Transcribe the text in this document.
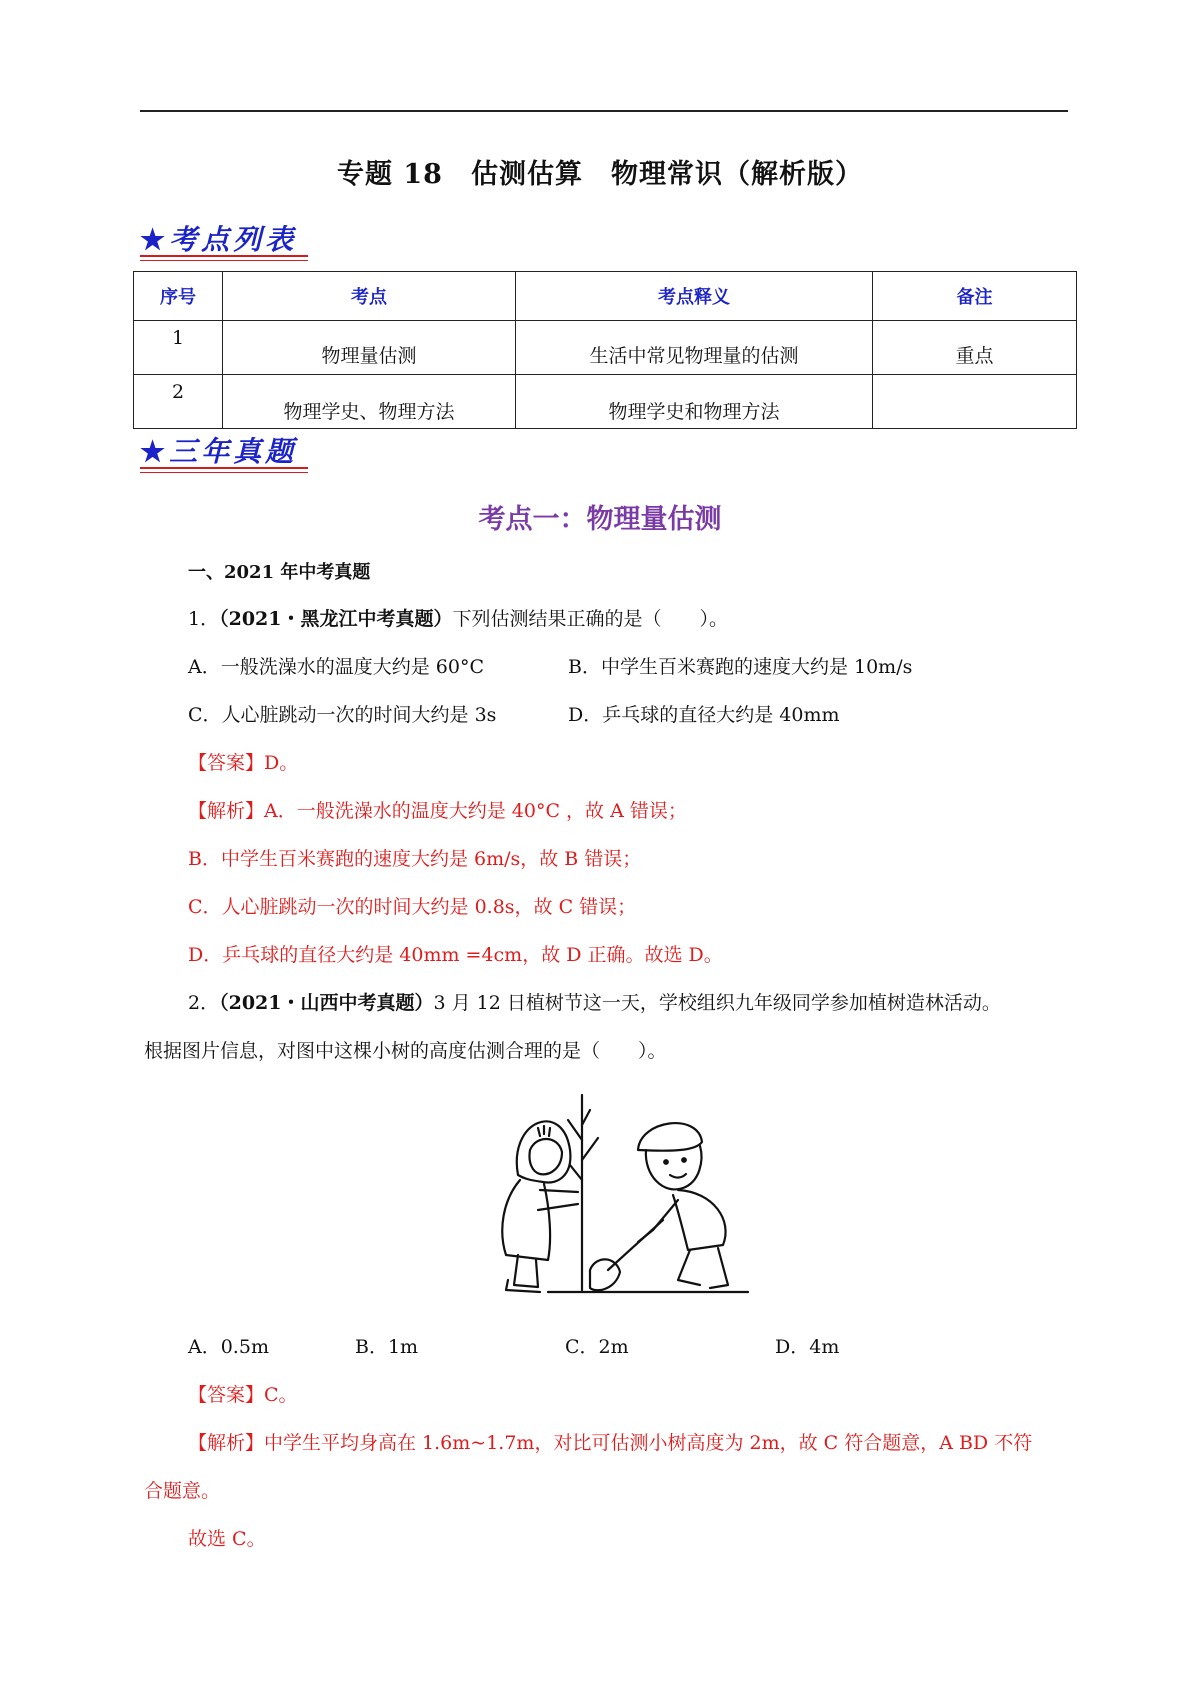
专题 18　估测估算　物理常识（解析版）
★考点列表
序号	考点	考点释义	备注
1	物理量估测	生活中常见物理量的估测	重点
2	物理学史、物理方法	物理学史和物理方法	
★三年真题
考点一：物理量估测
一、2021 年中考真题
1．（2021・黑龙江中考真题）下列估测结果正确的是（　　）。
A．一般洗澡水的温度大约是 60°C	B．中学生百米赛跑的速度大约是 10m/s
C．人心脏跳动一次的时间大约是 3s	D．乒乓球的直径大约是 40mm
【答案】D。
【解析】A．一般洗澡水的温度大约是 40°C ，故 A 错误；
B．中学生百米赛跑的速度大约是 6m/s，故 B 错误；
C．人心脏跳动一次的时间大约是 0.8s，故 C 错误；
D．乒乓球的直径大约是 40mm =4cm，故 D 正确。故选 D。
2．（2021・山西中考真题）3 月 12 日植树节这一天，学校组织九年级同学参加植树造林活动。
根据图片信息，对图中这棵小树的高度估测合理的是（　　）。
A．0.5m	B．1m	C．2m	D．4m
【答案】C。
【解析】中学生平均身高在 1.6m~1.7m，对比可估测小树高度为 2m，故 C 符合题意，A BD 不符
合题意。
故选 C。
